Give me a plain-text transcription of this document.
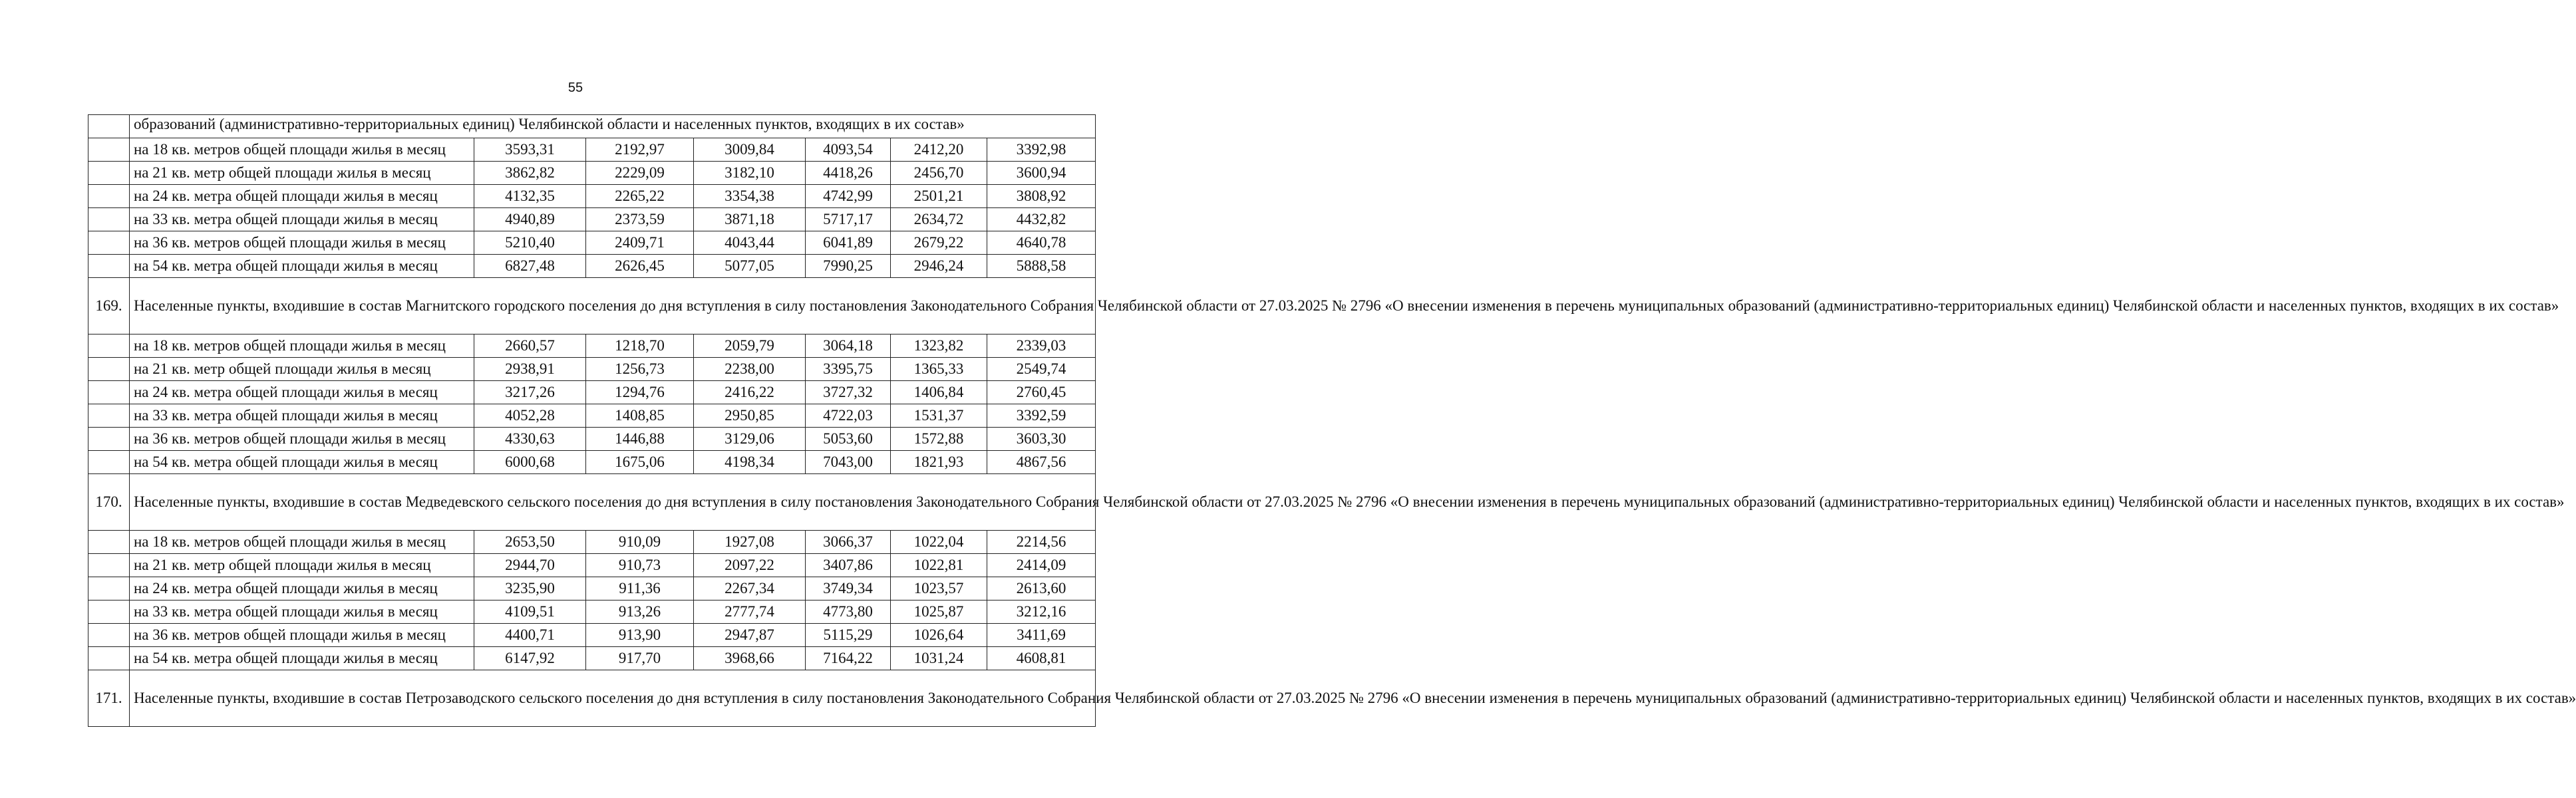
55
	образований (административно-территориальных единиц) Челябинской области и населенных пунктов, входящих в их состав»						
	на 18 кв. метров общей площади жилья в месяц	3593,31	2192,97	3009,84	4093,54	2412,20	3392,98
	на 21 кв. метр общей площади жилья в месяц	3862,82	2229,09	3182,10	4418,26	2456,70	3600,94
	на 24 кв. метра общей площади жилья в месяц	4132,35	2265,22	3354,38	4742,99	2501,21	3808,92
	на 33 кв. метра общей площади жилья в месяц	4940,89	2373,59	3871,18	5717,17	2634,72	4432,82
	на 36 кв. метров общей площади жилья в месяц	5210,40	2409,71	4043,44	6041,89	2679,22	4640,78
	на 54 кв. метра общей площади жилья в месяц	6827,48	2626,45	5077,05	7990,25	2946,24	5888,58
169.	Населенные пункты, входившие в состав Магнитского городского поселения до дня вступления в силу постановления Законодательного Собрания Челябинской области от 27.03.2025 № 2796 «О внесении изменения в перечень муниципальных образований (административно-территориальных единиц) Челябинской области и населенных пунктов, входящих в их состав»						
	на 18 кв. метров общей площади жилья в месяц	2660,57	1218,70	2059,79	3064,18	1323,82	2339,03
	на 21 кв. метр общей площади жилья в месяц	2938,91	1256,73	2238,00	3395,75	1365,33	2549,74
	на 24 кв. метра общей площади жилья в месяц	3217,26	1294,76	2416,22	3727,32	1406,84	2760,45
	на 33 кв. метра общей площади жилья в месяц	4052,28	1408,85	2950,85	4722,03	1531,37	3392,59
	на 36 кв. метров общей площади жилья в месяц	4330,63	1446,88	3129,06	5053,60	1572,88	3603,30
	на 54 кв. метра общей площади жилья в месяц	6000,68	1675,06	4198,34	7043,00	1821,93	4867,56
170.	Населенные пункты, входившие в состав Медведевского сельского поселения до дня вступления в силу постановления Законодательного Собрания Челябинской области от 27.03.2025 № 2796 «О внесении изменения в перечень муниципальных образований (административно-территориальных единиц) Челябинской области и населенных пунктов, входящих в их состав»						
	на 18 кв. метров общей площади жилья в месяц	2653,50	910,09	1927,08	3066,37	1022,04	2214,56
	на 21 кв. метр общей площади жилья в месяц	2944,70	910,73	2097,22	3407,86	1022,81	2414,09
	на 24 кв. метра общей площади жилья в месяц	3235,90	911,36	2267,34	3749,34	1023,57	2613,60
	на 33 кв. метра общей площади жилья в месяц	4109,51	913,26	2777,74	4773,80	1025,87	3212,16
	на 36 кв. метров общей площади жилья в месяц	4400,71	913,90	2947,87	5115,29	1026,64	3411,69
	на 54 кв. метра общей площади жилья в месяц	6147,92	917,70	3968,66	7164,22	1031,24	4608,81
171.	Населенные пункты, входившие в состав Петрозаводского сельского поселения до дня вступления в силу постановления Законодательного Собрания Челябинской области от 27.03.2025 № 2796 «О внесении изменения в перечень муниципальных образований (административно-территориальных единиц) Челябинской области и населенных пунктов, входящих в их состав»						
